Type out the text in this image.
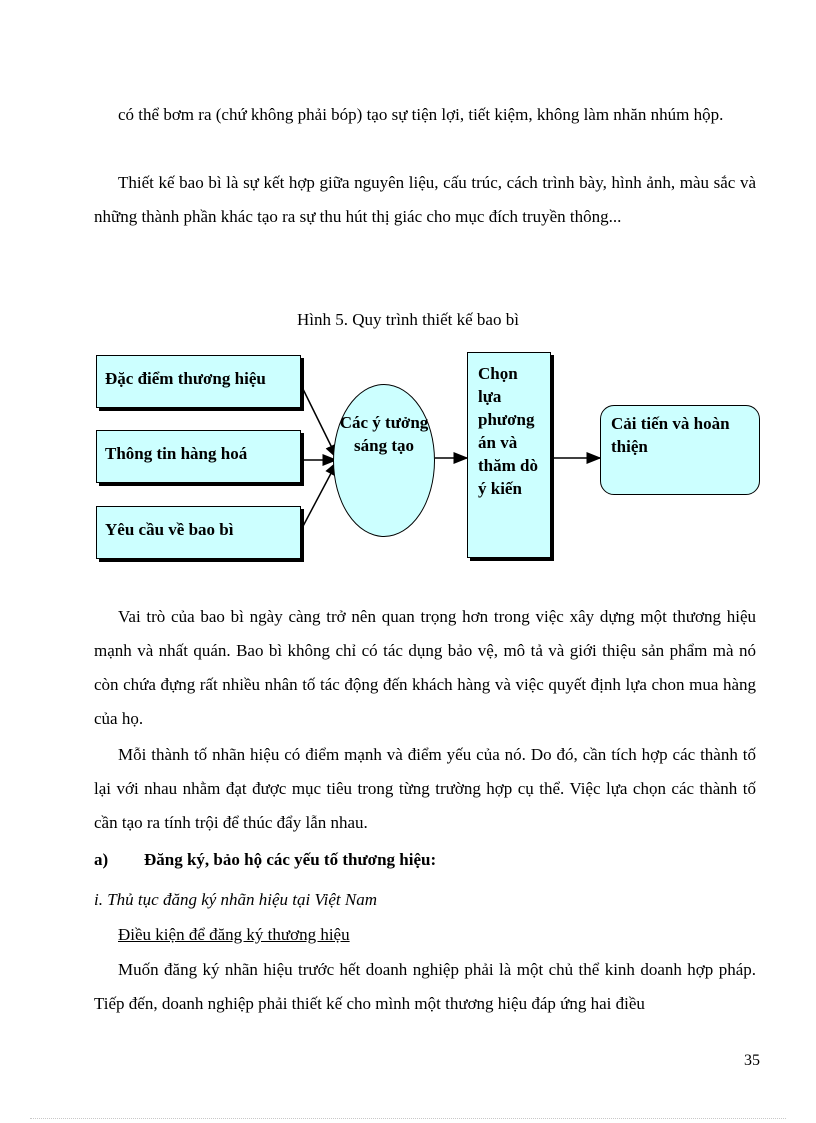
có thể bơm ra (chứ không phải bóp) tạo sự tiện lợi, tiết kiệm, không làm nhăn nhúm hộp.

Thiết kế bao bì là sự kết hợp giữa nguyên liệu, cấu trúc, cách trình bày, hình ảnh, màu sắc và những thành phần khác tạo ra sự thu hút thị giác cho mục đích truyền thông...

Hình 5. Quy trình thiết kế bao bì
Đặc điểm thương hiệu
Thông tin hàng hoá
Yêu cầu về bao bì
Các ý tưởng sáng tạo
Chọn lựa phương án và thăm dò ý kiến
Cải tiến và hoàn thiện

Vai trò của bao bì ngày càng trở nên quan trọng hơn trong việc xây dựng một thương hiệu mạnh và nhất quán. Bao bì không chỉ có tác dụng bảo vệ, mô tả và giới thiệu sản phẩm mà nó còn chứa đựng rất nhiều nhân tố tác động đến khách hàng và việc quyết định lựa chon mua hàng của họ.

Mỗi thành tố nhãn hiệu có điểm mạnh và điểm yếu của nó. Do đó, cần tích hợp các thành tố lại với nhau nhằm đạt được mục tiêu trong từng trường hợp cụ thể. Việc lựa chọn các thành tố cần tạo ra tính trội để thúc đẩy lẫn nhau.

a) Đăng ký, bảo hộ các yếu tố thương hiệu:
i. Thủ tục đăng ký nhãn hiệu tại Việt Nam
Điều kiện để đăng ký thương hiệu

Muốn đăng ký nhãn hiệu trước hết doanh nghiệp phải là một chủ thể kinh doanh hợp pháp. Tiếp đến, doanh nghiệp phải thiết kế cho mình một thương hiệu đáp ứng hai điều

35
